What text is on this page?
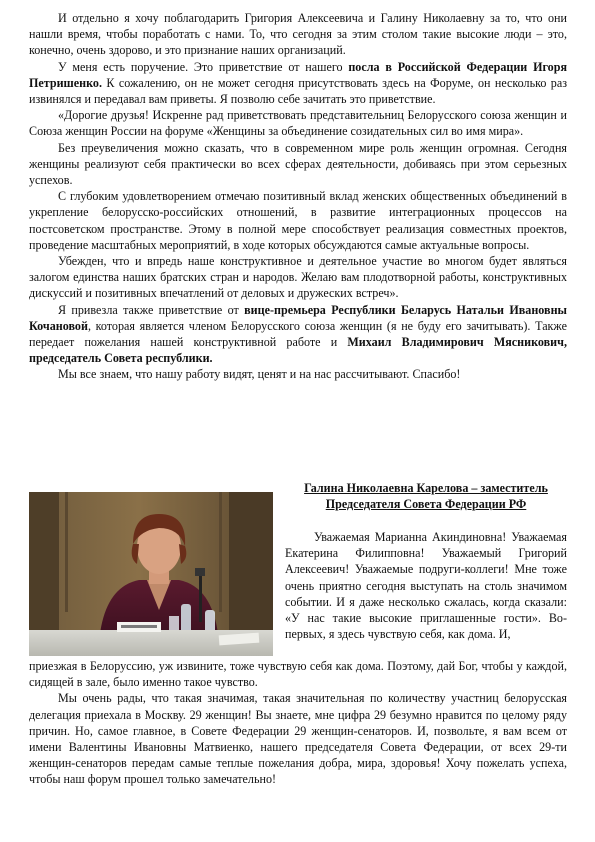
И отдельно я хочу поблагодарить Григория Алексеевича и Галину Николаевну за то, что они нашли время, чтобы поработать с нами. То, что сегодня за этим столом такие высокие люди – это, конечно, очень здорово, и это признание наших организаций.

У меня есть поручение. Это приветствие от нашего посла в Российской Федерации Игоря Петришенко. К сожалению, он не может сегодня присутствовать здесь на Форуме, он несколько раз извинялся и передавал вам приветы. Я позволю себе зачитать это приветствие.

«Дорогие друзья! Искренне рад приветствовать представительниц Белорусского союза женщин и Союза женщин России на форуме «Женщины за объединение созидательных сил во имя мира».

Без преувеличения можно сказать, что в современном мире роль женщин огромная. Сегодня женщины реализуют себя практически во всех сферах деятельности, добиваясь при этом серьезных успехов.

С глубоким удовлетворением отмечаю позитивный вклад женских общественных объединений в укрепление белорусско-российских отношений, в развитие интеграционных процессов на постсоветском пространстве. Этому в полной мере способствует реализация совместных проектов, проведение масштабных мероприятий, в ходе которых обсуждаются самые актуальные вопросы.

Убежден, что и впредь наше конструктивное и деятельное участие во многом будет являться залогом единства наших братских стран и народов. Желаю вам плодотворной работы, конструктивных дискуссий и позитивных впечатлений от деловых и дружеских встреч».

Я привезла также приветствие от вице-премьера Республики Беларусь Натальи Ивановны Кочановой, которая является членом Белорусского союза женщин (я не буду его зачитывать). Также передает пожелания нашей конструктивной работе и Михаил Владимирович Мясникович, председатель Совета республики.

Мы все знаем, что нашу работу видят, ценят и на нас рассчитывают. Спасибо!

Галина Николаевна Карелова – заместитель Председателя Совета Федерации РФ

Уважаемая Марианна Акиндиновна! Уважаемая Екатерина Филипповна! Уважаемый Григорий Алексеевич! Уважаемые подруги-коллеги! Мне тоже очень приятно сегодня выступать на столь значимом событии. И я даже несколько сжалась, когда сказали: «У нас такие высокие приглашенные гости». Во-первых, я здесь чувствую себя, как дома. И,

приезжая в Белоруссию, уж извините, тоже чувствую себя как дома. Поэтому, дай Бог, чтобы у каждой, сидящей в зале, было именно такое чувство.

Мы очень рады, что такая значимая, такая значительная по количеству участниц белорусская делегация приехала в Москву. 29 женщин! Вы знаете, мне цифра 29 безумно нравится по целому ряду причин. Но, самое главное, в Совете Федерации 29 женщин-сенаторов. И, позвольте, я вам всем от имени Валентины Ивановны Матвиенко, нашего председателя Совета Федерации, от всех 29-ти женщин-сенаторов передам самые теплые пожелания добра, мира, здоровья! Хочу пожелать успеха, чтобы наш форум прошел только замечательно!
